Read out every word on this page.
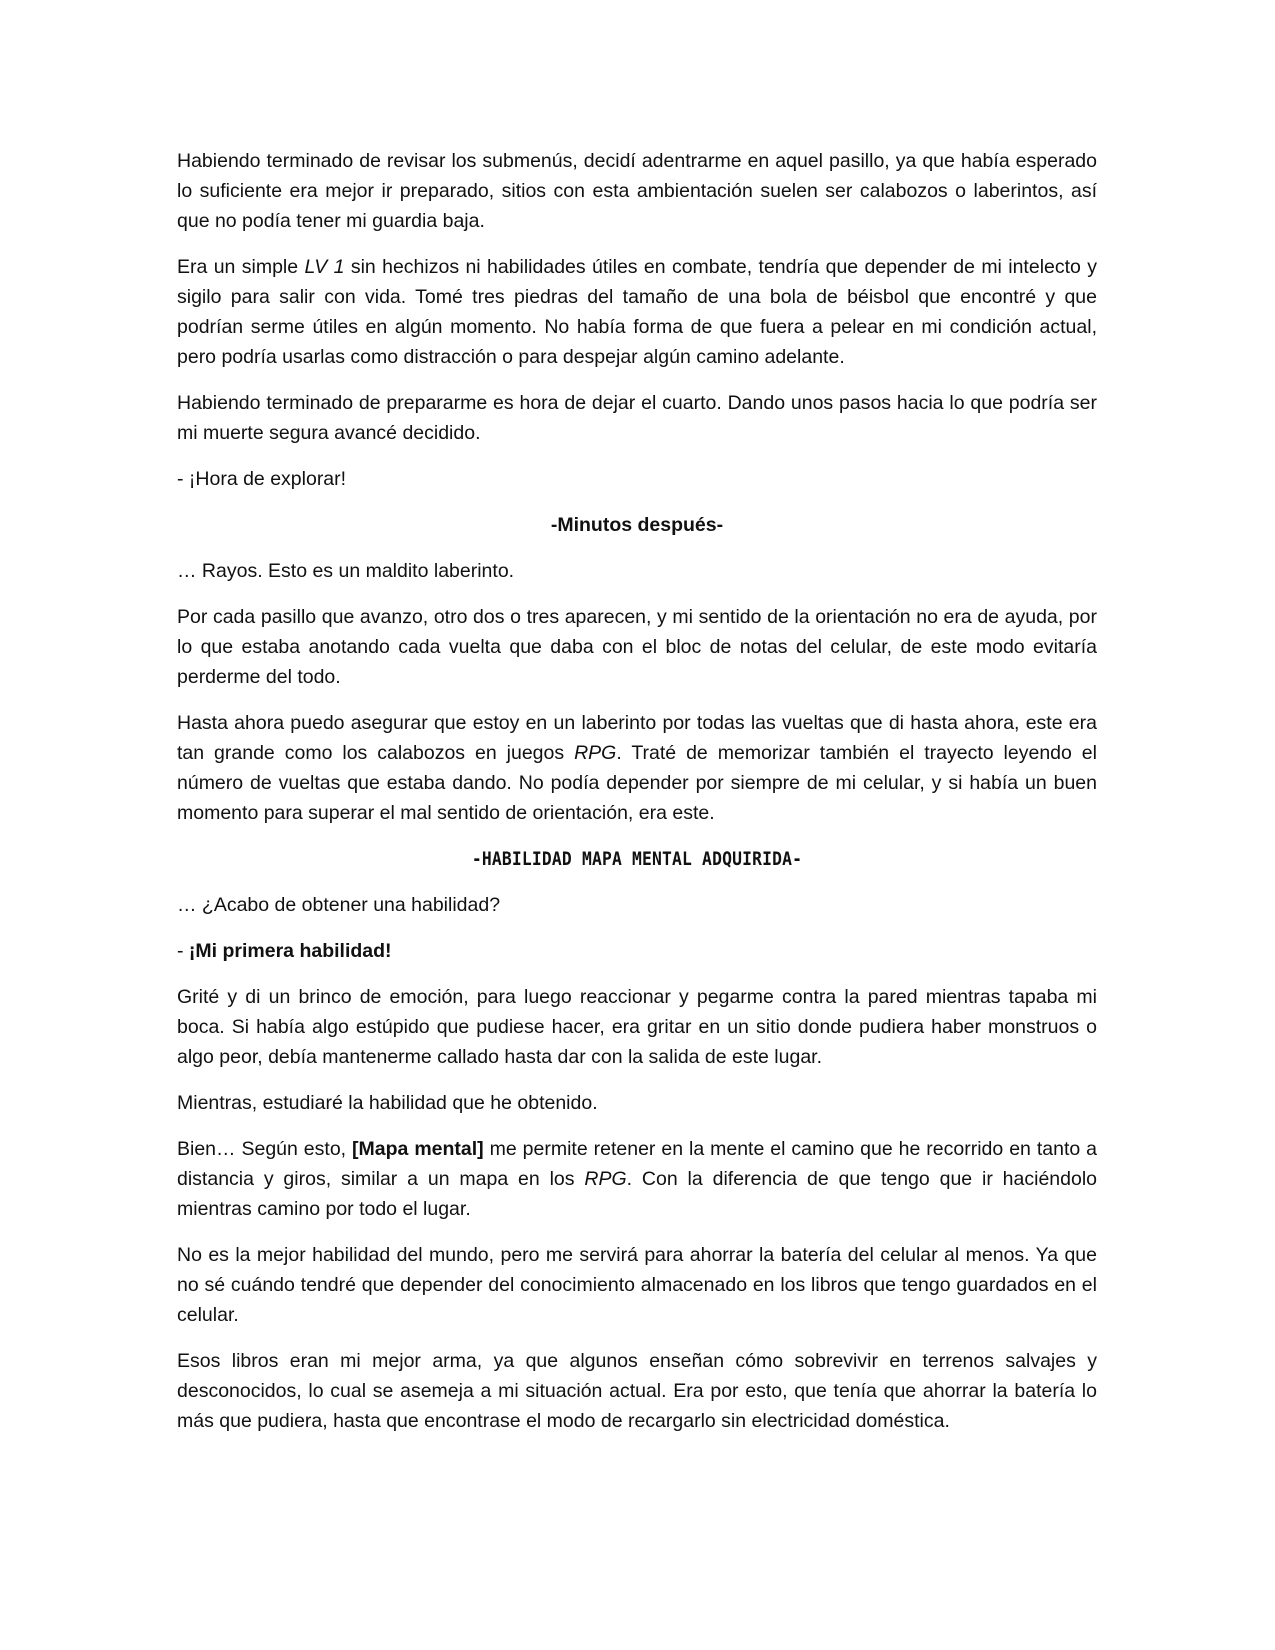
Habiendo terminado de revisar los submenús, decidí adentrarme en aquel pasillo, ya que había esperado lo suficiente era mejor ir preparado, sitios con esta ambientación suelen ser calabozos o laberintos, así que no podía tener mi guardia baja.

Era un simple LV 1 sin hechizos ni habilidades útiles en combate, tendría que depender de mi intelecto y sigilo para salir con vida. Tomé tres piedras del tamaño de una bola de béisbol que encontré y que podrían serme útiles en algún momento. No había forma de que fuera a pelear en mi condición actual, pero podría usarlas como distracción o para despejar algún camino adelante.

Habiendo terminado de prepararme es hora de dejar el cuarto. Dando unos pasos hacia lo que podría ser mi muerte segura avancé decidido.

- ¡Hora de explorar!

-Minutos después-

… Rayos. Esto es un maldito laberinto.

Por cada pasillo que avanzo, otro dos o tres aparecen, y mi sentido de la orientación no era de ayuda, por lo que estaba anotando cada vuelta que daba con el bloc de notas del celular, de este modo evitaría perderme del todo.

Hasta ahora puedo asegurar que estoy en un laberinto por todas las vueltas que di hasta ahora, este era tan grande como los calabozos en juegos RPG. Traté de memorizar también el trayecto leyendo el número de vueltas que estaba dando. No podía depender por siempre de mi celular, y si había un buen momento para superar el mal sentido de orientación, era este.

-HABILIDAD MAPA MENTAL ADQUIRIDA-

… ¿Acabo de obtener una habilidad?

- ¡Mi primera habilidad!

Grité y di un brinco de emoción, para luego reaccionar y pegarme contra la pared mientras tapaba mi boca. Si había algo estúpido que pudiese hacer, era gritar en un sitio donde pudiera haber monstruos o algo peor, debía mantenerme callado hasta dar con la salida de este lugar.

Mientras, estudiaré la habilidad que he obtenido.

Bien… Según esto, [Mapa mental] me permite retener en la mente el camino que he recorrido en tanto a distancia y giros, similar a un mapa en los RPG. Con la diferencia de que tengo que ir haciéndolo mientras camino por todo el lugar.

No es la mejor habilidad del mundo, pero me servirá para ahorrar la batería del celular al menos. Ya que no sé cuándo tendré que depender del conocimiento almacenado en los libros que tengo guardados en el celular.

Esos libros eran mi mejor arma, ya que algunos enseñan cómo sobrevivir en terrenos salvajes y desconocidos, lo cual se asemeja a mi situación actual. Era por esto, que tenía que ahorrar la batería lo más que pudiera, hasta que encontrase el modo de recargarlo sin electricidad doméstica.
